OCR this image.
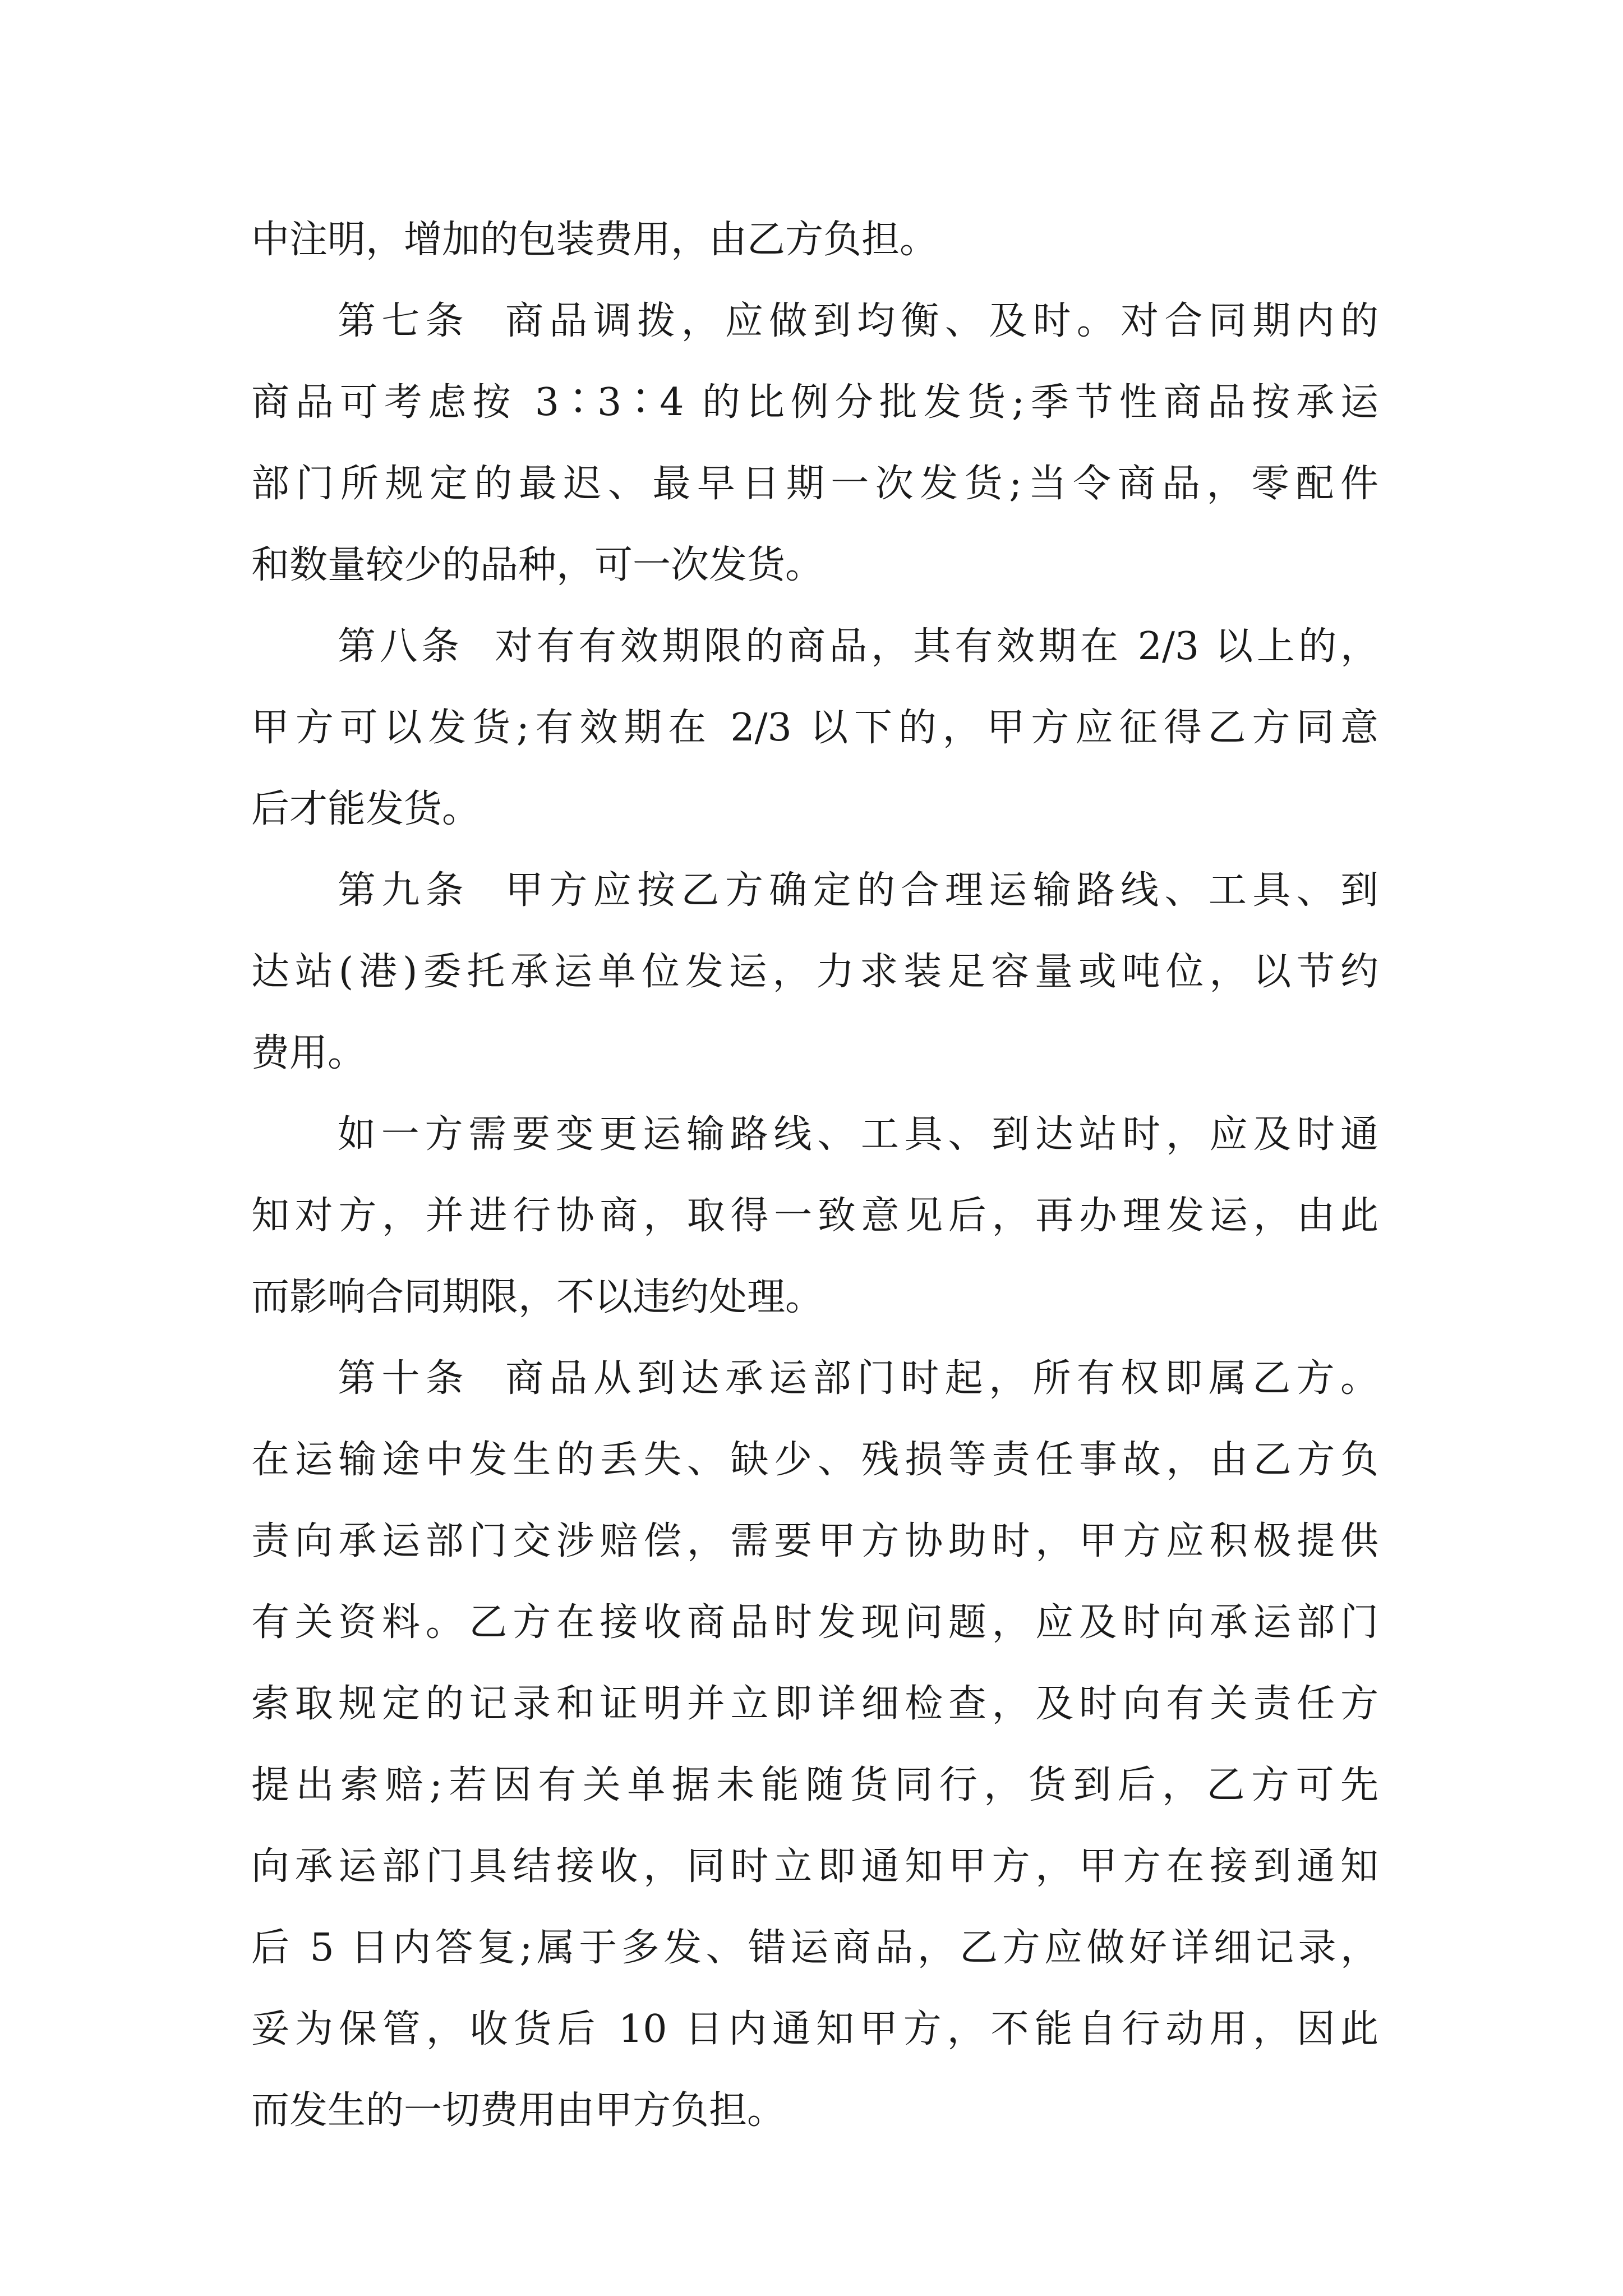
中注明，增加的包装费用，由乙方负担。
第七条  商品调拨，应做到均衡、及时。对合同期内的
商品可考虑按 3∶3∶4 的比例分批发货;季节性商品按承运
部门所规定的最迟、最早日期一次发货;当令商品，零配件
和数量较少的品种，可一次发货。
第八条  对有有效期限的商品，其有效期在 2/3 以上的，
甲方可以发货;有效期在 2/3 以下的，甲方应征得乙方同意
后才能发货。
第九条  甲方应按乙方确定的合理运输路线、工具、到
达站(港)委托承运单位发运，力求装足容量或吨位，以节约
费用。
如一方需要变更运输路线、工具、到达站时，应及时通
知对方，并进行协商，取得一致意见后，再办理发运，由此
而影响合同期限，不以违约处理。
第十条  商品从到达承运部门时起，所有权即属乙方。
在运输途中发生的丢失、缺少、残损等责任事故，由乙方负
责向承运部门交涉赔偿，需要甲方协助时，甲方应积极提供
有关资料。乙方在接收商品时发现问题，应及时向承运部门
索取规定的记录和证明并立即详细检查，及时向有关责任方
提出索赔;若因有关单据未能随货同行，货到后，乙方可先
向承运部门具结接收，同时立即通知甲方，甲方在接到通知
后 5 日内答复;属于多发、错运商品，乙方应做好详细记录，
妥为保管，收货后 10 日内通知甲方，不能自行动用，因此
而发生的一切费用由甲方负担。
